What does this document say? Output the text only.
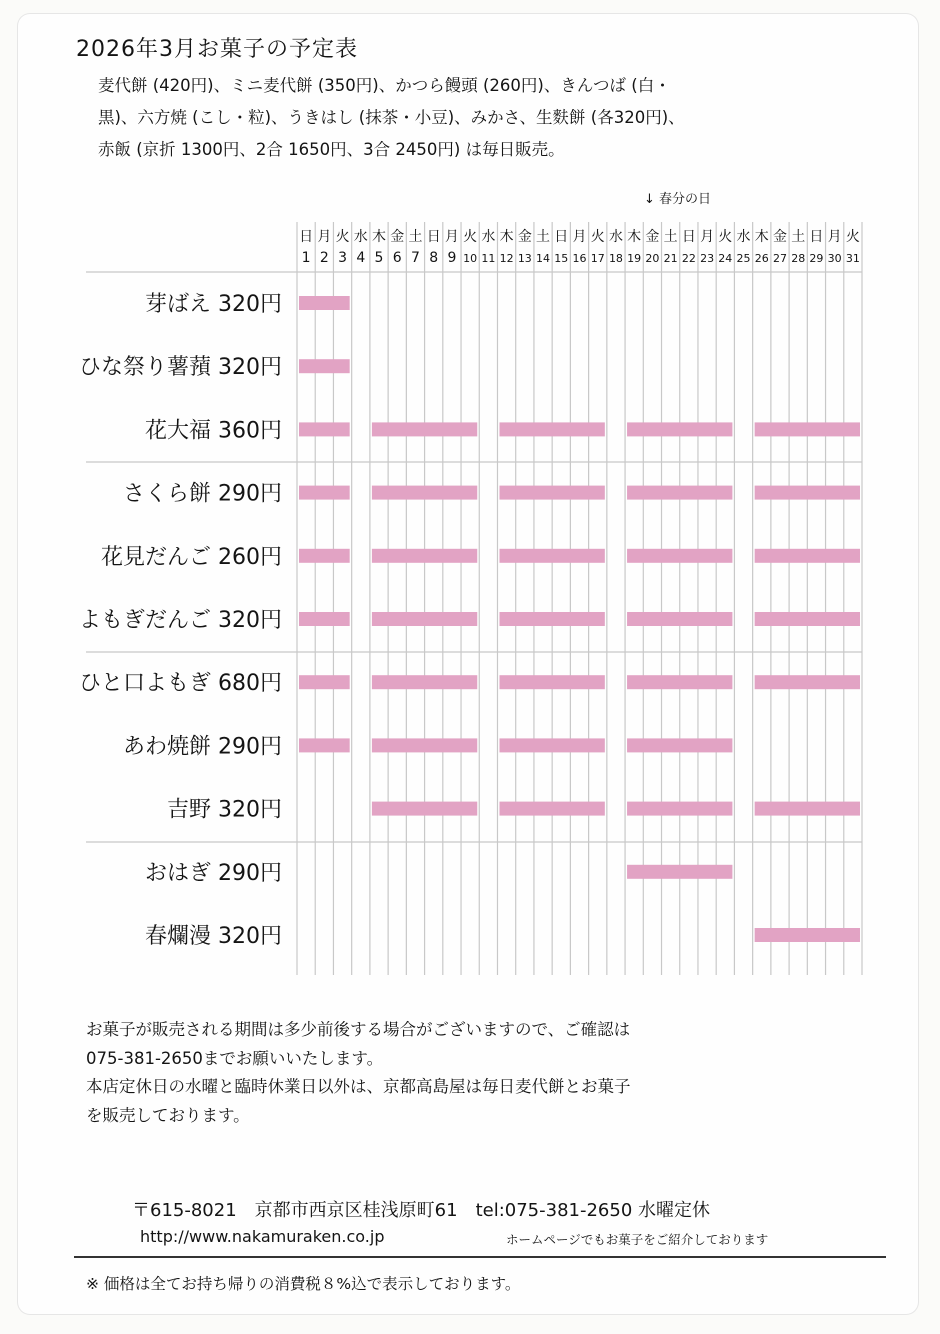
2026年3月お菓子の予定表
麦代餅 (420円)、ミニ麦代餅 (350円)、かつら饅頭 (260円)、きんつば (白・
黒)、六方焼 (こし・粒)、うきはし (抹茶・小豆)、みかさ、生麩餅 (各320円)、
赤飯 (京折 1300円、2合 1650円、3合 2450円) は毎日販売。
↓ 春分の日
日
1
月
2
火
3
水
4
木
5
金
6
土
7
日
8
月
9
火
10
水
11
木
12
金
13
土
14
日
15
月
16
火
17
水
18
木
19
金
20
土
21
日
22
月
23
火
24
水
25
木
26
金
27
土
28
日
29
月
30
火
31
芽ばえ 320円
ひな祭り薯蕷 320円
花大福 360円
さくら餅 290円
花見だんご 260円
よもぎだんご 320円
ひと口よもぎ 680円
あわ焼餅 290円
吉野 320円
おはぎ 290円
春爛漫 320円
お菓子が販売される期間は多少前後する場合がございますので、ご確認は
075-381-2650までお願いいたします。
本店定休日の水曜と臨時休業日以外は、京都高島屋は毎日麦代餅とお菓子
を販売しております。
〒615-8021　京都市西京区桂浅原町61　tel:075-381-2650 水曜定休
http://www.nakamuraken.co.jp	ホームページでもお菓子をご紹介しております
※ 価格は全てお持ち帰りの消費税８%込で表示しております。
